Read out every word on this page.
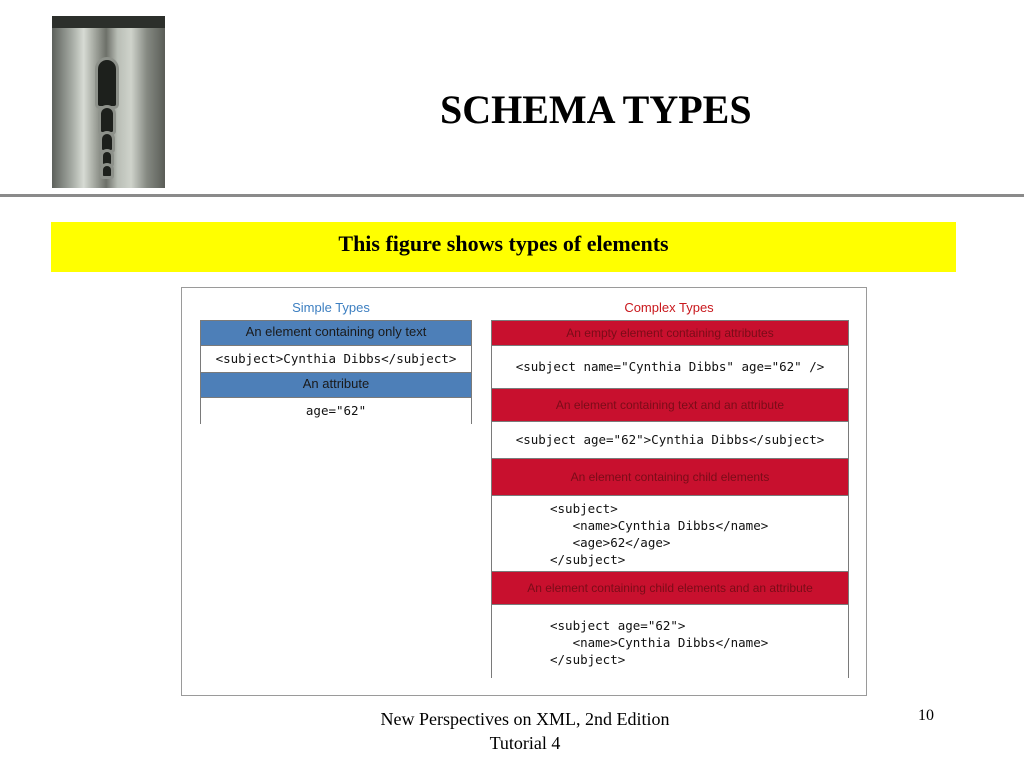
SCHEMA TYPES
This figure shows types of elements
Simple Types	Complex Types
An element containing only text
<subject>Cynthia Dibbs</subject>
An attribute
age="62"
An empty element containing attributes
<subject name="Cynthia Dibbs" age="62" />
An element containing text and an attribute
<subject age="62">Cynthia Dibbs</subject>
An element containing child elements
<subject>
<name>Cynthia Dibbs</name>
<age>62</age>
</subject>
An element containing child elements and an attribute
<subject age="62">
<name>Cynthia Dibbs</name>
</subject>
New Perspectives on XML, 2nd Edition
Tutorial 4
10
